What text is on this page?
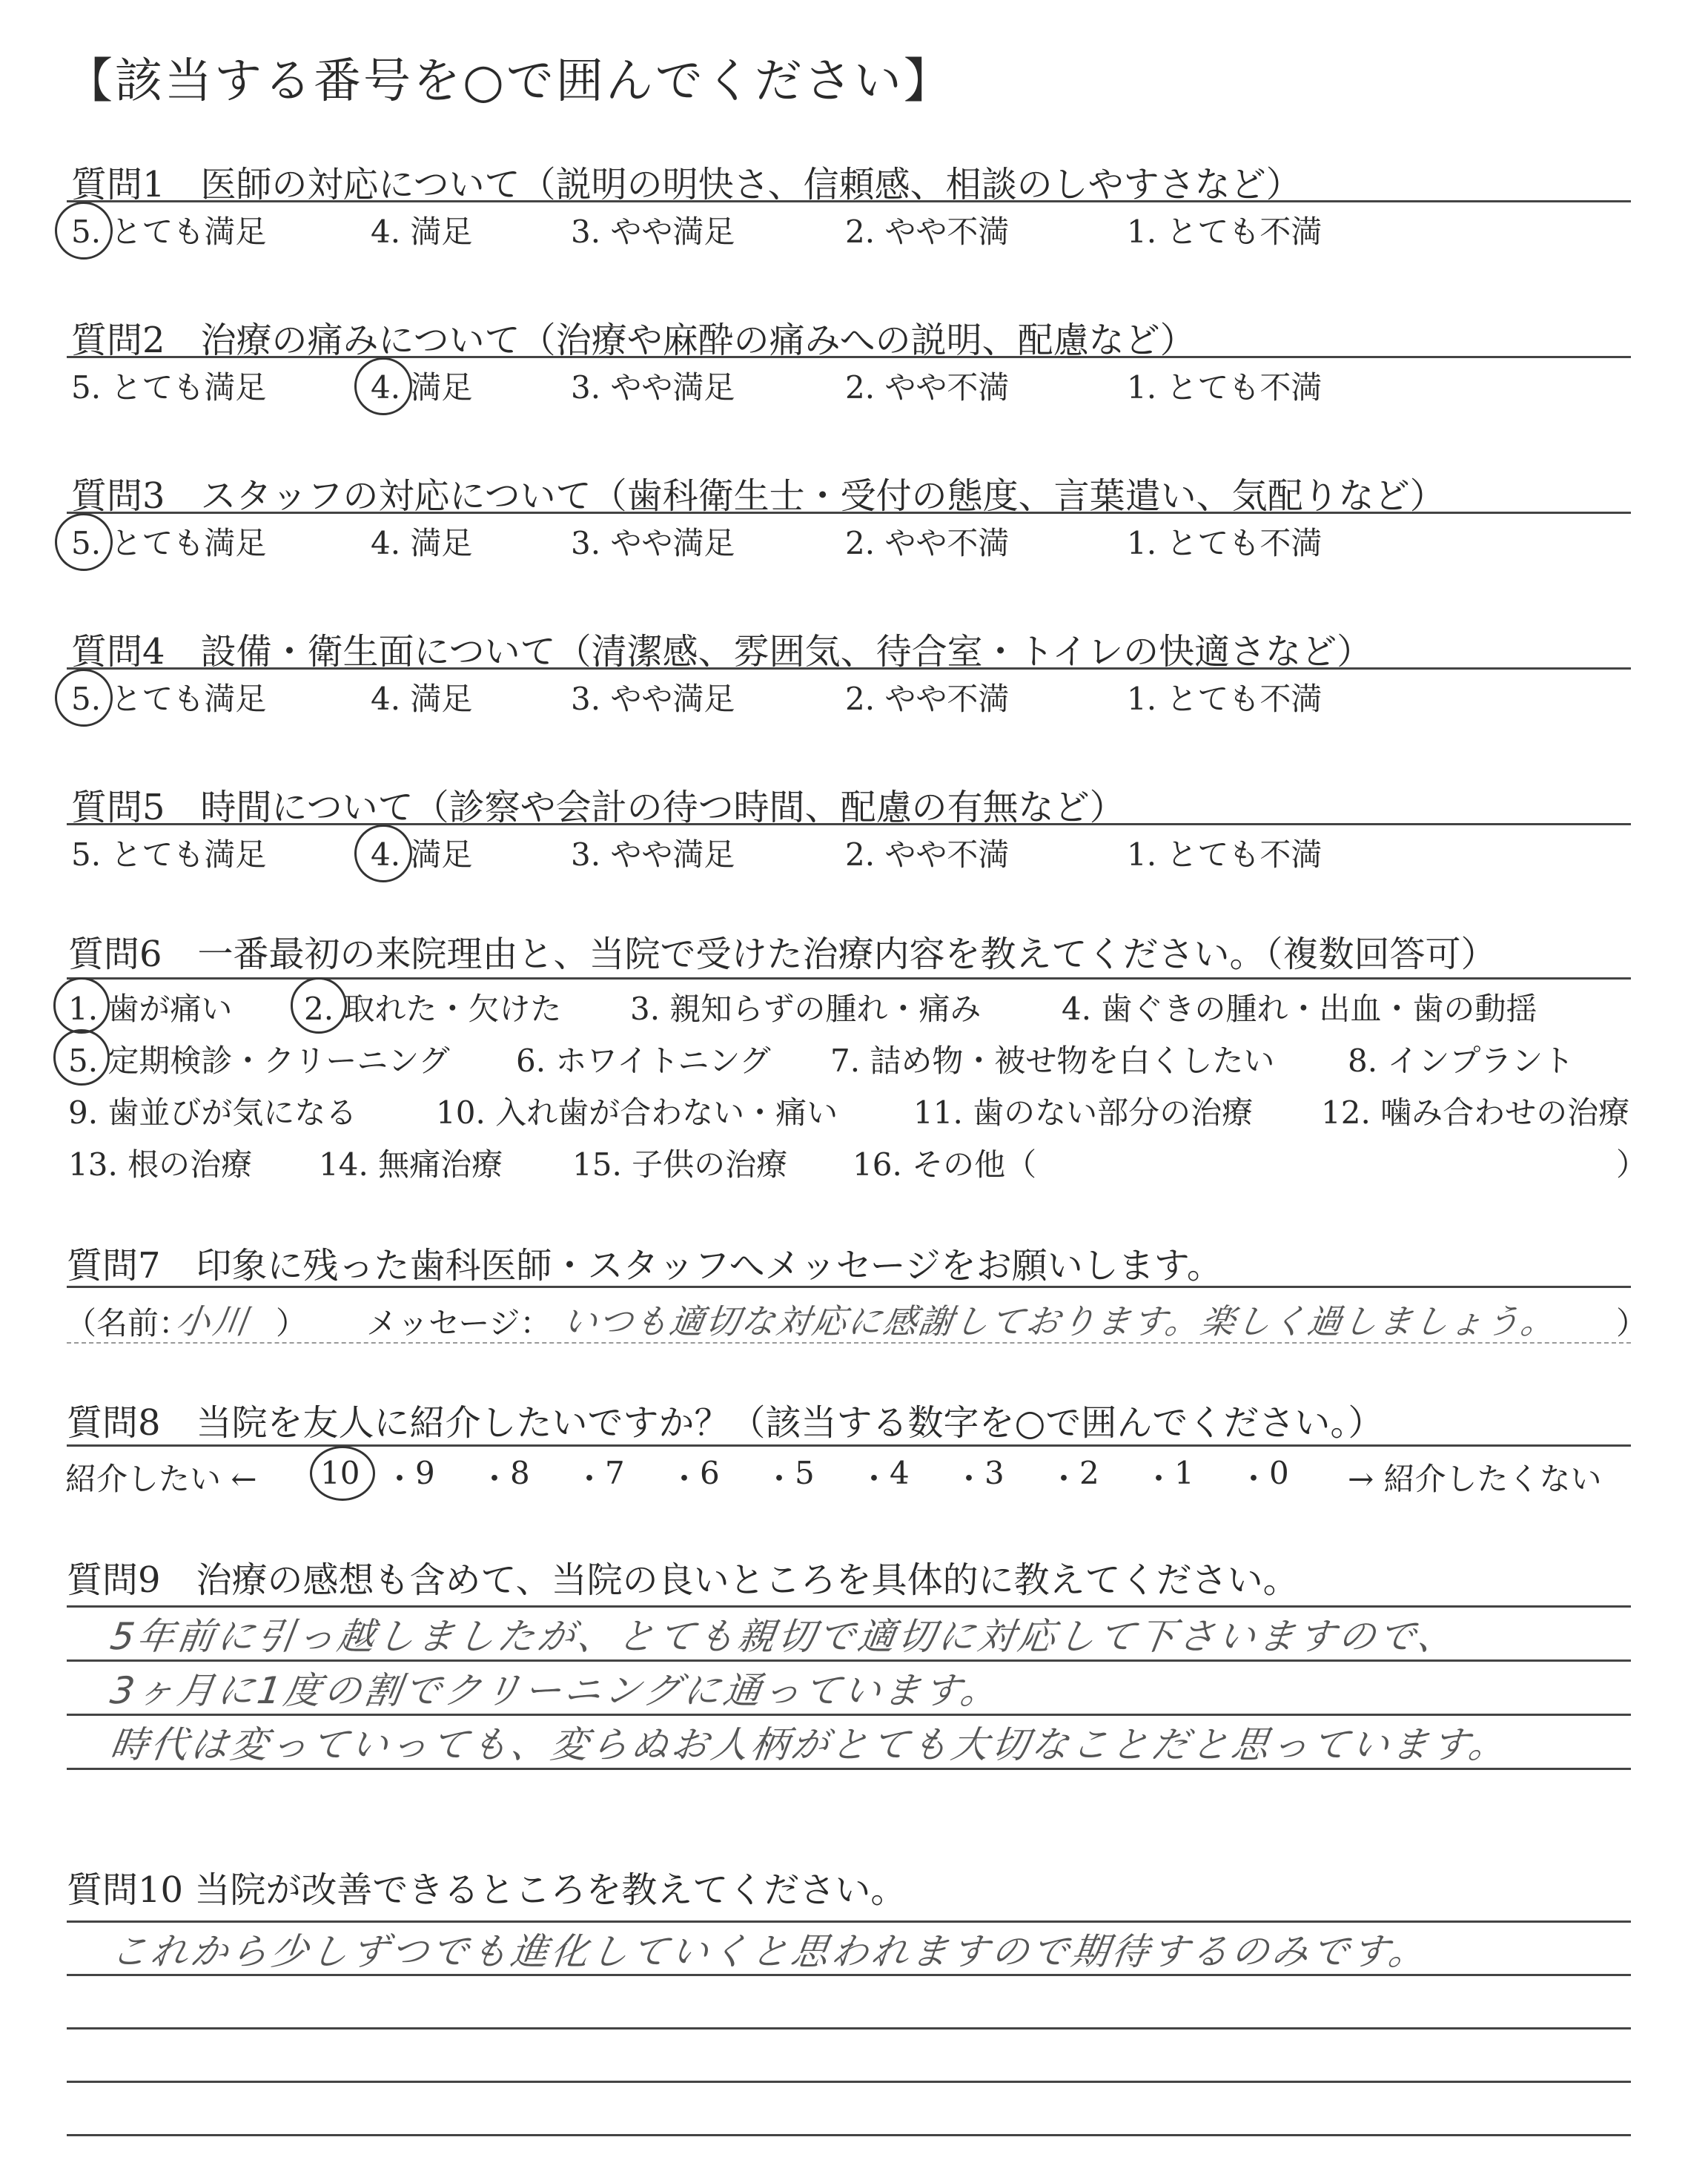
【該当する番号を○で囲んでください】
質問1　医師の対応について（説明の明快さ、信頼感、相談のしやすさなど）
5. とても満足	4. 満足	3. やや満足	2. やや不満	1. とても不満
質問2　治療の痛みについて（治療や麻酔の痛みへの説明、配慮など）
5. とても満足	4. 満足	3. やや満足	2. やや不満	1. とても不満
質問3　スタッフの対応について（歯科衛生士・受付の態度、言葉遣い、気配りなど）
5. とても満足	4. 満足	3. やや満足	2. やや不満	1. とても不満
質問4　設備・衛生面について（清潔感、雰囲気、待合室・トイレの快適さなど）
5. とても満足	4. 満足	3. やや満足	2. やや不満	1. とても不満
質問5　時間について（診察や会計の待つ時間、配慮の有無など）
5. とても満足	4. 満足	3. やや満足	2. やや不満	1. とても不満
質問6　一番最初の来院理由と、当院で受けた治療内容を教えてください。（複数回答可）
1. 歯が痛い 2. 取れた・欠けた 3. 親知らずの腫れ・痛み	4. 歯ぐきの腫れ・出血・歯の動揺
5. 定期検診・クリーニング 6. ホワイトニング 7. 詰め物・被せ物を白くしたい 8. インプラント
9. 歯並びが気になる	10. 入れ歯が合わない・痛い 11. 歯のない部分の治療 12. 噛み合わせの治療
13. 根の治療 14. 無痛治療 15. 子供の治療 16. その他（	）
質問7　印象に残った歯科医師・スタッフへメッセージをお願いします。
（名前：
小川 ） メッセージ： いつも適切な対応に感謝しております。楽しく過しましょう。 ）
質問8　当院を友人に紹介したいですか？（該当する数字を○で囲んでください。）
紹介したい ← 10 ・ 9 ・ 8 ・ 7 ・ 6 ・ 5 ・ 4 ・ 3 ・ 2 ・ 1 ・ 0 → 紹介したくない
質問9　治療の感想も含めて、当院の良いところを具体的に教えてください。
5年前に引っ越しましたが、とても親切で適切に対応して下さいますので、
3ヶ月に1度の割でクリーニングに通っています。
時代は変っていっても、変らぬお人柄がとても大切なことだと思っています。
質問10 当院が改善できるところを教えてください。
これから少しずつでも進化していくと思われますので期待するのみです。
